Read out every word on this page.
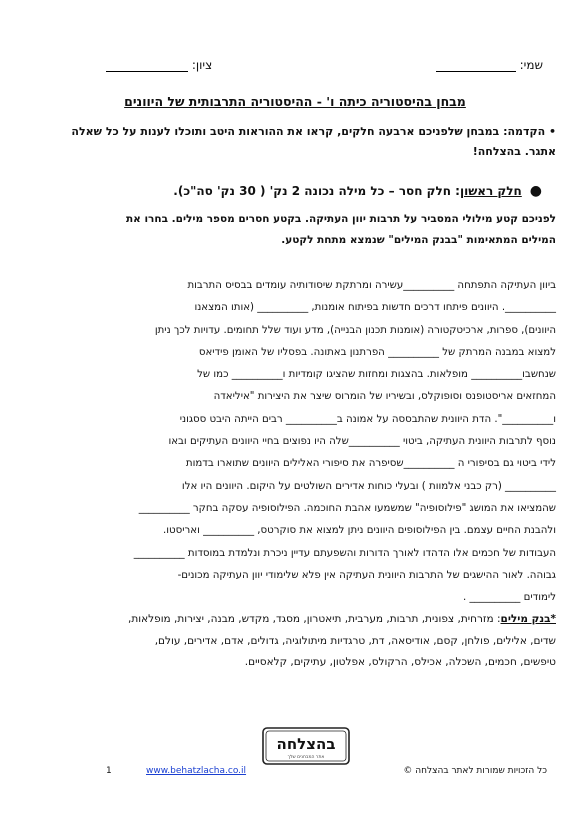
שמי:
ציון:
מבחן בהיסטוריה כיתה ו' - ההיסטוריה התרבותית של היוונים
• הקדמה: במבחן שלפניכם ארבעה חלקים, קראו את ההוראות היטב ותוכלו לענות על כל שאלה
אתגר. בהצלחה!
●חלק ראשון: חלק חסר – כל מילה נכונה 2 נק' ( 30 נק' סה"כ).
לפניכם קטע מילולי המסביר על תרבות יוון העתיקה. בקטע חסרים מספר מילים. בחרו את
המילים המתאימות "בבנק המילים" שנמצא מתחת לקטע.

ביוון העתיקה התפתחה __________עשירה ומרתקת שיסודותיה עומדים בבסיס התרבות

__________. היוונים פיתחו דרכים חדשות בפיתוח אומנות, __________ (אותו המצאנו

היוונים), ספרות, ארכיטקטורה (אומנות תכנון הבנייה), מדע ועוד שלל תחומים. עדויות לכך ניתן

למצוא במבנה המרתק של __________ הפרתנון באתונה. בפסליו של האומן פידיאס

שנחשבו__________ מופלאות. בהצגות ומחזות שהציגו קומדיות ו__________ כמו של

המחזאים אריסטופנס וסופוקלס, ובשיריו של הומרוס שיצר את היצירות "איליאדה

ו__________". הדת היוונית שהתבססה על אמונה ב__________ רבים הייתה היבט ססגוני

נוסף לתרבות היוונית העתיקה, ביטוי __________שלה היו נפוצים בחיי היוונים העתיקים ובאו

לידי ביטוי גם בסיפורי ה __________שסיפרה את סיפורי האלילים היוונים שתוארו בדמות

__________ (רק כבני אלמוות ) ובעלי כוחות אדירים השולטים על היקום. היוונים היו אלו

שהמציאו את המושג "פילוסופיה" שמשמעו אהבת החוכמה. הפילוסופיה עסקה בחקר __________

ולהבנת החיים עצמם. בין הפילוסופים היוונים ניתן למצוא את סוקרטס, __________ ואריסטו.

העבודות של חכמים אלו הדהדו לאורך הדורות והשפעתם עדיין ניכרת ונלמדת במוסדות __________

גבוהה. לאור ההישגים של התרבות היוונית העתיקה אין פלא שלימודי יוון העתיקה מכונים-

לימודים __________ .

*בנק מילים: מזרחית, צפונית, תרבות, מערבית, תיאטרון, מסגד, מקדש, מבנה, יצירות, מופלאות,
שדים, אלילים, פולחן, קסם, אודיסאה, דת, טרגדיות מיתולוגיה, גדולים, אדם, אדירים, עולם,
טיפשים, חכמים, השכלה, אכילס, הרקולס, אפלטון, עתיקים, קלאסיים.
בהצלחה
אתר המבחנים שלך
1	www.behatzlacha.co.il	כל הזכויות שמורות לאתר בהצלחה ©
